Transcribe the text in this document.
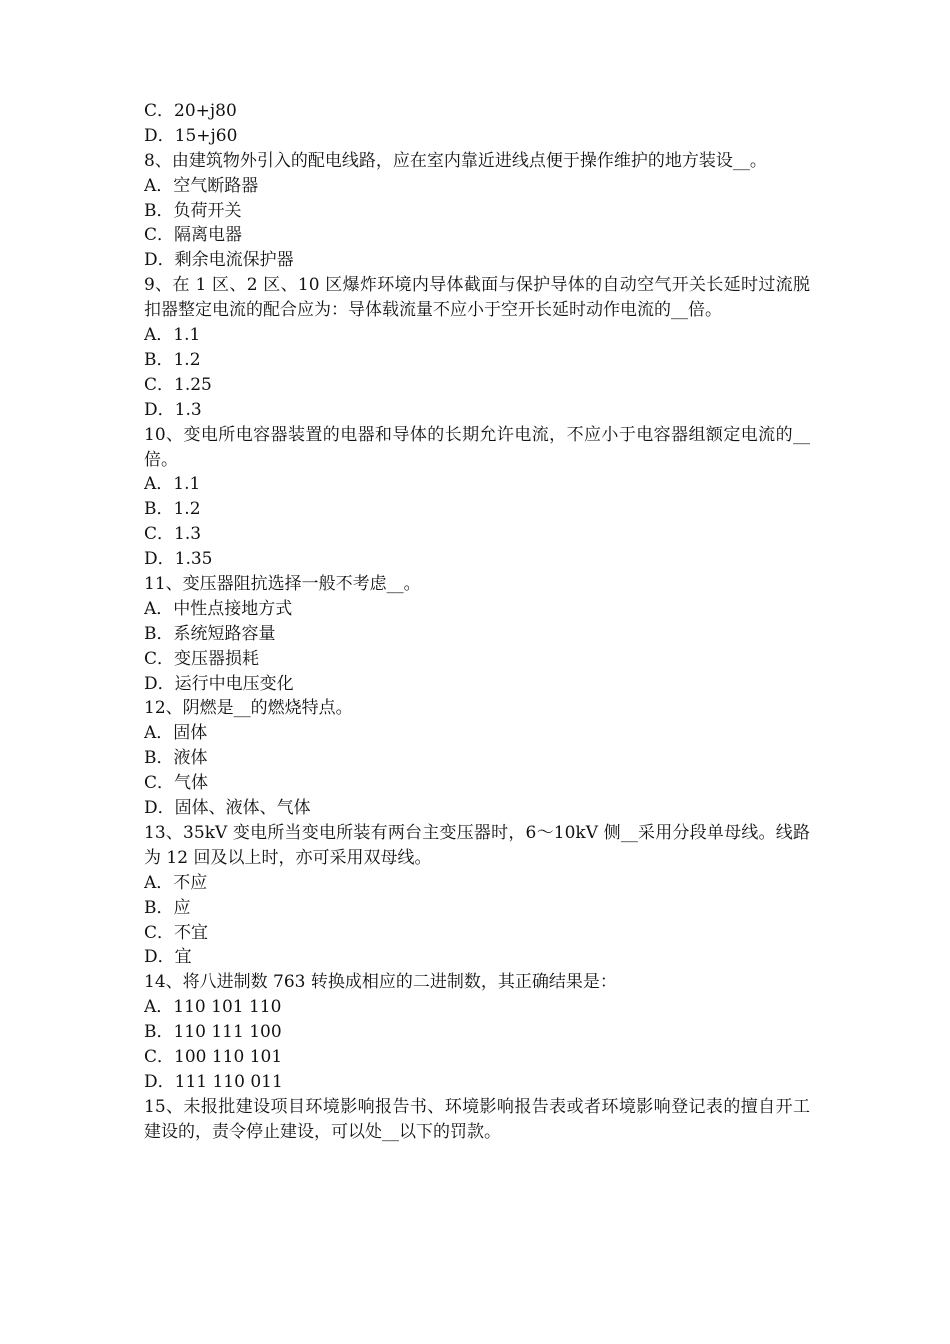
C．20+j80
D．15+j60
8、由建筑物外引入的配电线路，应在室内靠近进线点便于操作维护的地方装设__。
A．空气断路器
B．负荷开关
C．隔离电器
D．剩余电流保护器
9、在 1 区、2 区、10 区爆炸环境内导体截面与保护导体的自动空气开关长延时过流脱扣器整定电流的配合应为：导体载流量不应小于空开长延时动作电流的__倍。
A．1.1
B．1.2
C．1.25
D．1.3
10、变电所电容器装置的电器和导体的长期允许电流，不应小于电容器组额定电流的__倍。
A．1.1
B．1.2
C．1.3
D．1.35
11、变压器阻抗选择一般不考虑__。
A．中性点接地方式
B．系统短路容量
C．变压器损耗
D．运行中电压变化
12、阴燃是__的燃烧特点。
A．固体
B．液体
C．气体
D．固体、液体、气体
13、35kV 变电所当变电所装有两台主变压器时，6～10kV 侧__采用分段单母线。线路为 12 回及以上时，亦可采用双母线。
A．不应
B．应
C．不宜
D．宜
14、将八进制数 763 转换成相应的二进制数，其正确结果是：
A．110 101 110
B．110 111 100
C．100 110 101
D．111 110 011
15、未报批建设项目环境影响报告书、环境影响报告表或者环境影响登记表的擅自开工建设的，责令停止建设，可以处__以下的罚款。
